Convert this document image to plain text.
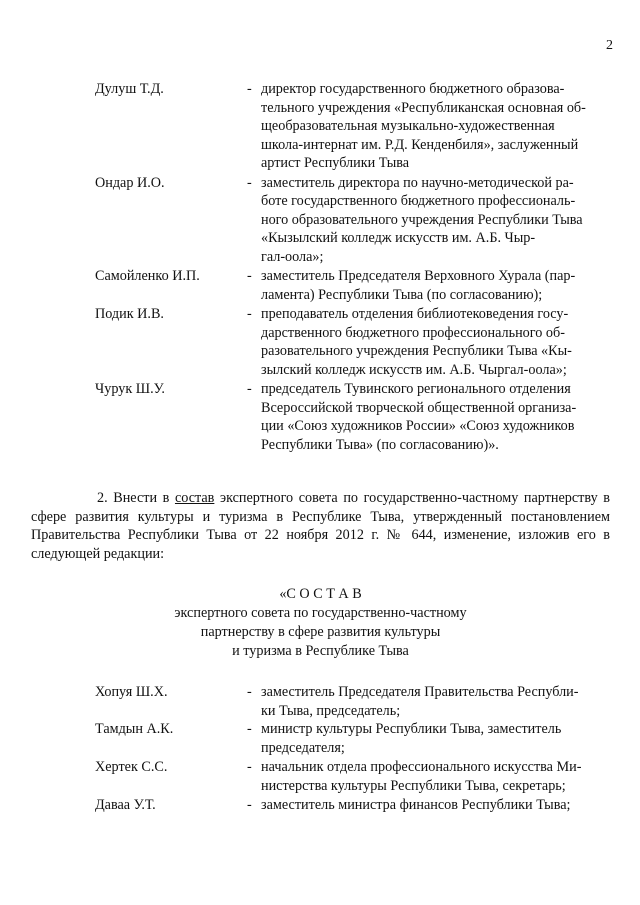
2
Дулуш Т.Д.	- директор государственного бюджетного образова-
тельного учреждения «Республиканская основная об-
щеобразовательная музыкально-художественная
школа-интернат им. Р.Д. Кенденбиля», заслуженный
артист Республики Тыва
Ондар И.О.	- заместитель директора по научно-методической ра-
боте государственного бюджетного профессиональ-
ного образовательного учреждения Республики Тыва
«Кызылский колледж искусств им. А.Б. Чыр-
гал-оола»;
Самойленко И.П.	- заместитель Председателя Верховного Хурала (пар-
ламента) Республики Тыва (по согласованию);
Подик И.В.	- преподаватель отделения библиотековедения госу-
дарственного бюджетного профессионального об-
разовательного учреждения Республики Тыва «Кы-
зылский колледж искусств им. А.Б. Чыргал-оола»;
Чурук Ш.У.	- председатель Тувинского регионального отделения
Всероссийской творческой общественной организа-
ции «Союз художников России» «Союз художников
Республики Тыва» (по согласованию)».
2. Внести в состав экспертного совета по государственно-частному партнерству в сфере развития культуры и туризма в Республике Тыва, утвержденный постановлением Правительства Республики Тыва от 22 ноября 2012 г. № 644, изменение, изложив его в следующей редакции:
«С О С Т А В
экспертного совета по государственно-частному
партнерству в сфере развития культуры
и туризма в Республике Тыва
Хопуя Ш.Х.	- заместитель Председателя Правительства Республи-
ки Тыва, председатель;
Тамдын А.К.	- министр культуры Республики Тыва, заместитель
председателя;
Хертек С.С.	- начальник отдела профессионального искусства Ми-
нистерства культуры Республики Тыва, секретарь;
Даваа У.Т.	- заместитель министра финансов Республики Тыва;
